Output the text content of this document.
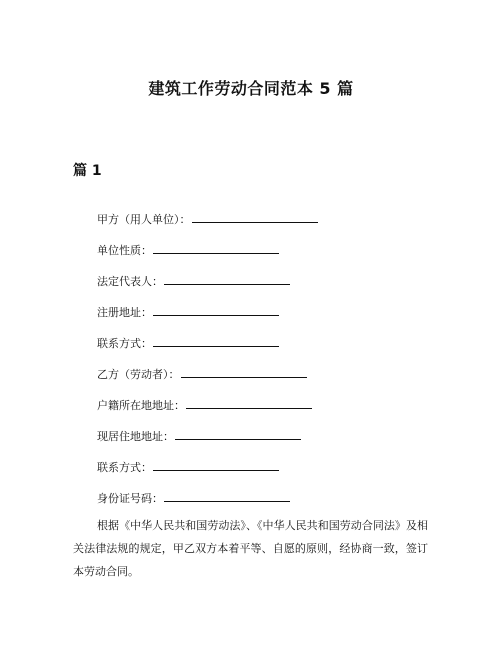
建筑工作劳动合同范本 5 篇
篇 1
甲方（用人单位）：
单位性质：
法定代表人：
注册地址：
联系方式：
乙方（劳动者）：
户籍所在地地址：
现居住地地址：
联系方式：
身份证号码：
根据《中华人民共和国劳动法》、《中华人民共和国劳动合同法》及相关法律法规的规定，甲乙双方本着平等、自愿的原则，经协商一致，签订本劳动合同。
